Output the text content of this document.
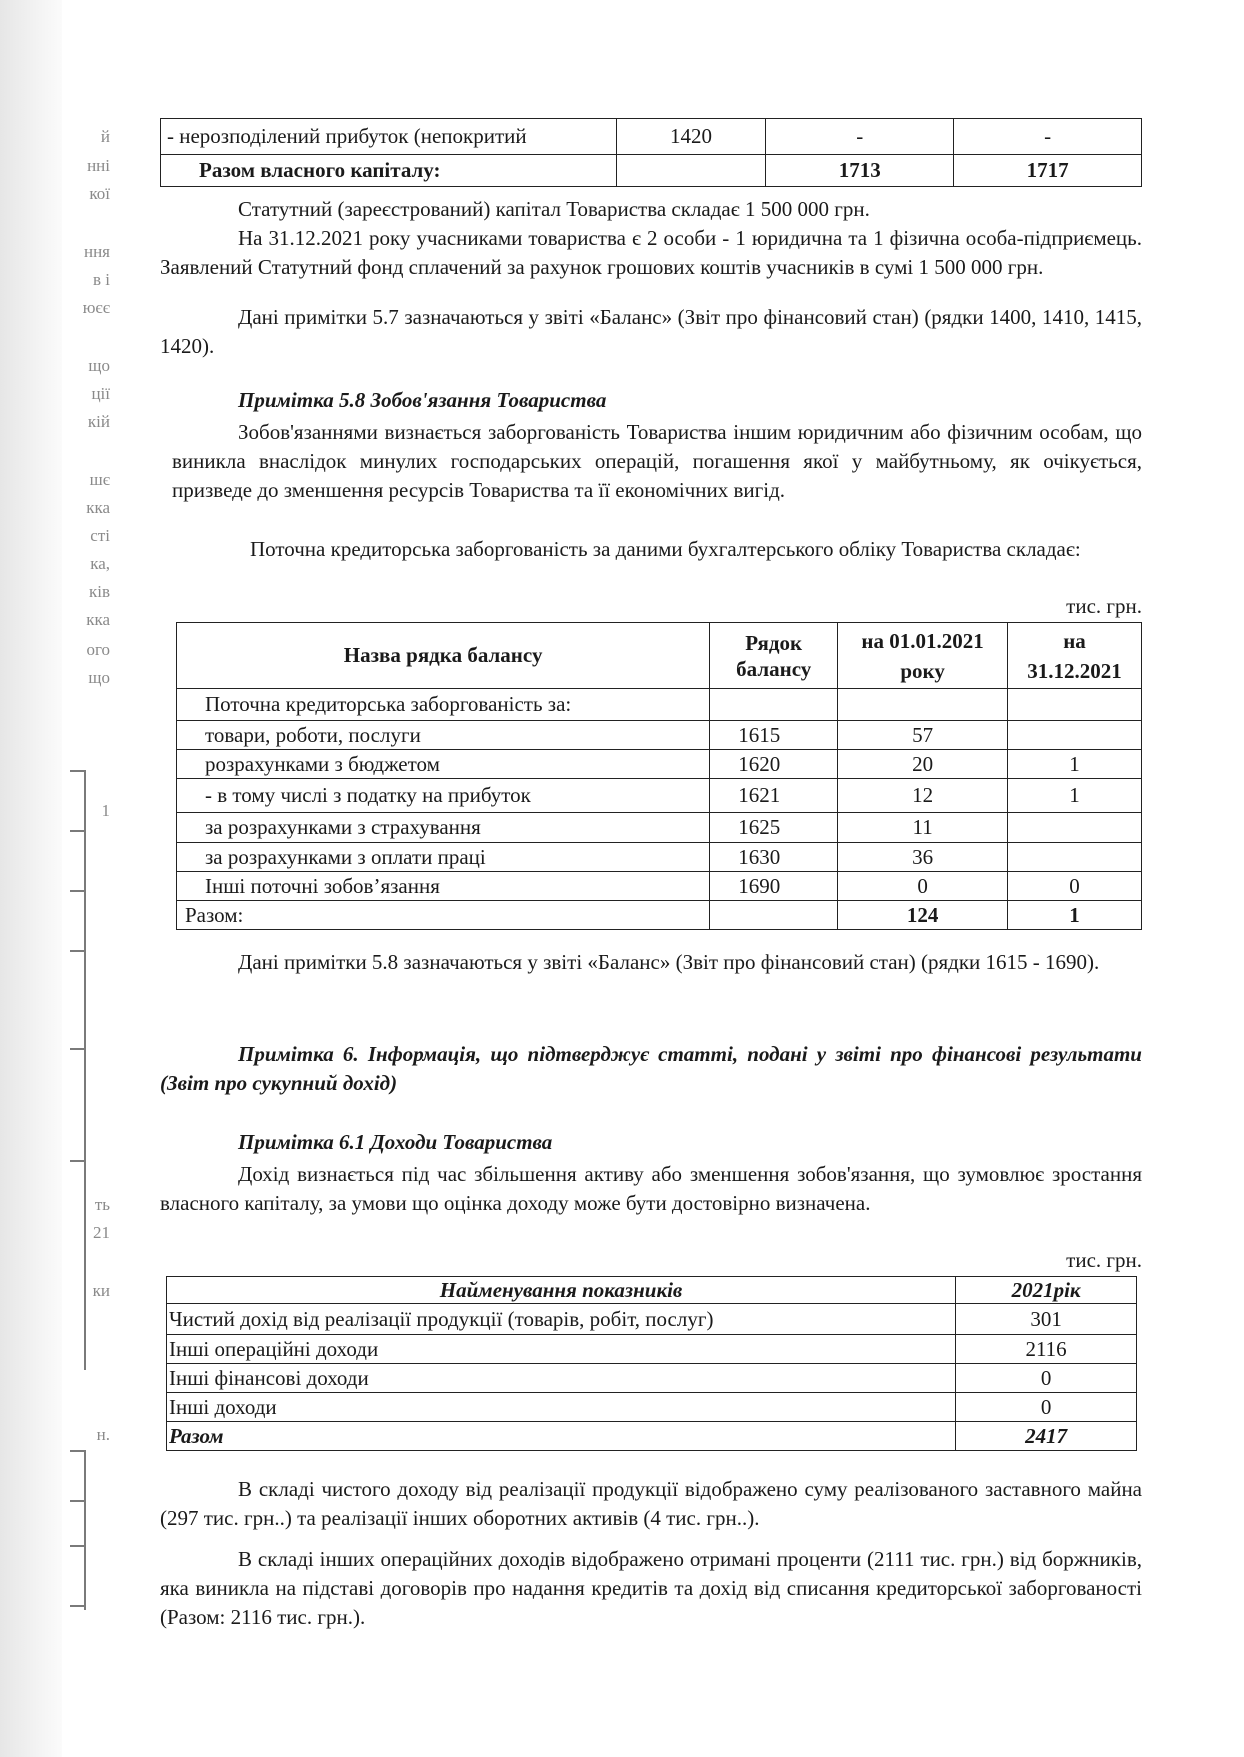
й
нні
кої
ння
в і
юєє
що
ції
кій
шє
кка
сті
ка,
ків
кка
ого
що
1
ть
21
ки
н.
- нерозподілений прибуток (непокритий	1420	-	-
Разом власного капіталу:		1713	1717
Статутний (зареєстрований) капітал Товариства складає 1 500 000 грн.
На 31.12.2021 року учасниками товариства є 2 особи - 1 юридична та 1 фізична особа-підприємець. Заявлений Статутний фонд сплачений за рахунок грошових коштів учасників в сумі 1 500 000 грн.
Дані примітки 5.7 зазначаються у звіті «Баланс» (Звіт про фінансовий стан) (рядки 1400, 1410, 1415, 1420).
Примітка 5.8 Зобов'язання Товариства
Зобов'язаннями визнається заборгованість Товариства іншим юридичним або фізичним особам, що виникла внаслідок минулих господарських операцій, погашення якої у майбутньому, як очікується, призведе до зменшення ресурсів Товариства та її економічних вигід.
Поточна кредиторська заборгованість за даними бухгалтерського обліку Товариства складає:
тис. грн.
Назва рядка балансу	Рядок балансу	на 01.01.2021 року	на 31.12.2021
Поточна кредиторська заборгованість за:			
товари, роботи, послуги	1615	57	
розрахунками з бюджетом	1620	20	1
- в тому числі з податку на прибуток	1621	12	1
за розрахунками з страхування	1625	11	
за розрахунками з оплати праці	1630	36	
Інші поточні зобов’язання	1690	0	0
Разом:		124	1
Дані примітки 5.8 зазначаються у звіті «Баланс» (Звіт про фінансовий стан) (рядки 1615 - 1690).
Примітка 6. Інформація, що підтверджує статті, подані у звіті про фінансові результати (Звіт про сукупний дохід)
Примітка 6.1 Доходи Товариства
Дохід визнається під час збільшення активу або зменшення зобов'язання, що зумовлює зростання власного капіталу, за умови що оцінка доходу може бути достовірно визначена.
тис. грн.
Найменування показників	2021рік
Чистий дохід від реалізації продукції (товарів, робіт, послуг)	301
Інші операційні доходи	2116
Інші фінансові доходи	0
Інші доходи	0
Разом	2417
В складі чистого доходу від реалізації продукції відображено суму реалізованого заставного майна (297 тис. грн..) та реалізації інших оборотних активів (4 тис. грн..).
В складі інших операційних доходів відображено отримані проценти (2111 тис. грн.) від боржників, яка виникла на підставі договорів про надання кредитів та дохід від списання кредиторської заборгованості (Разом: 2116 тис. грн.).
